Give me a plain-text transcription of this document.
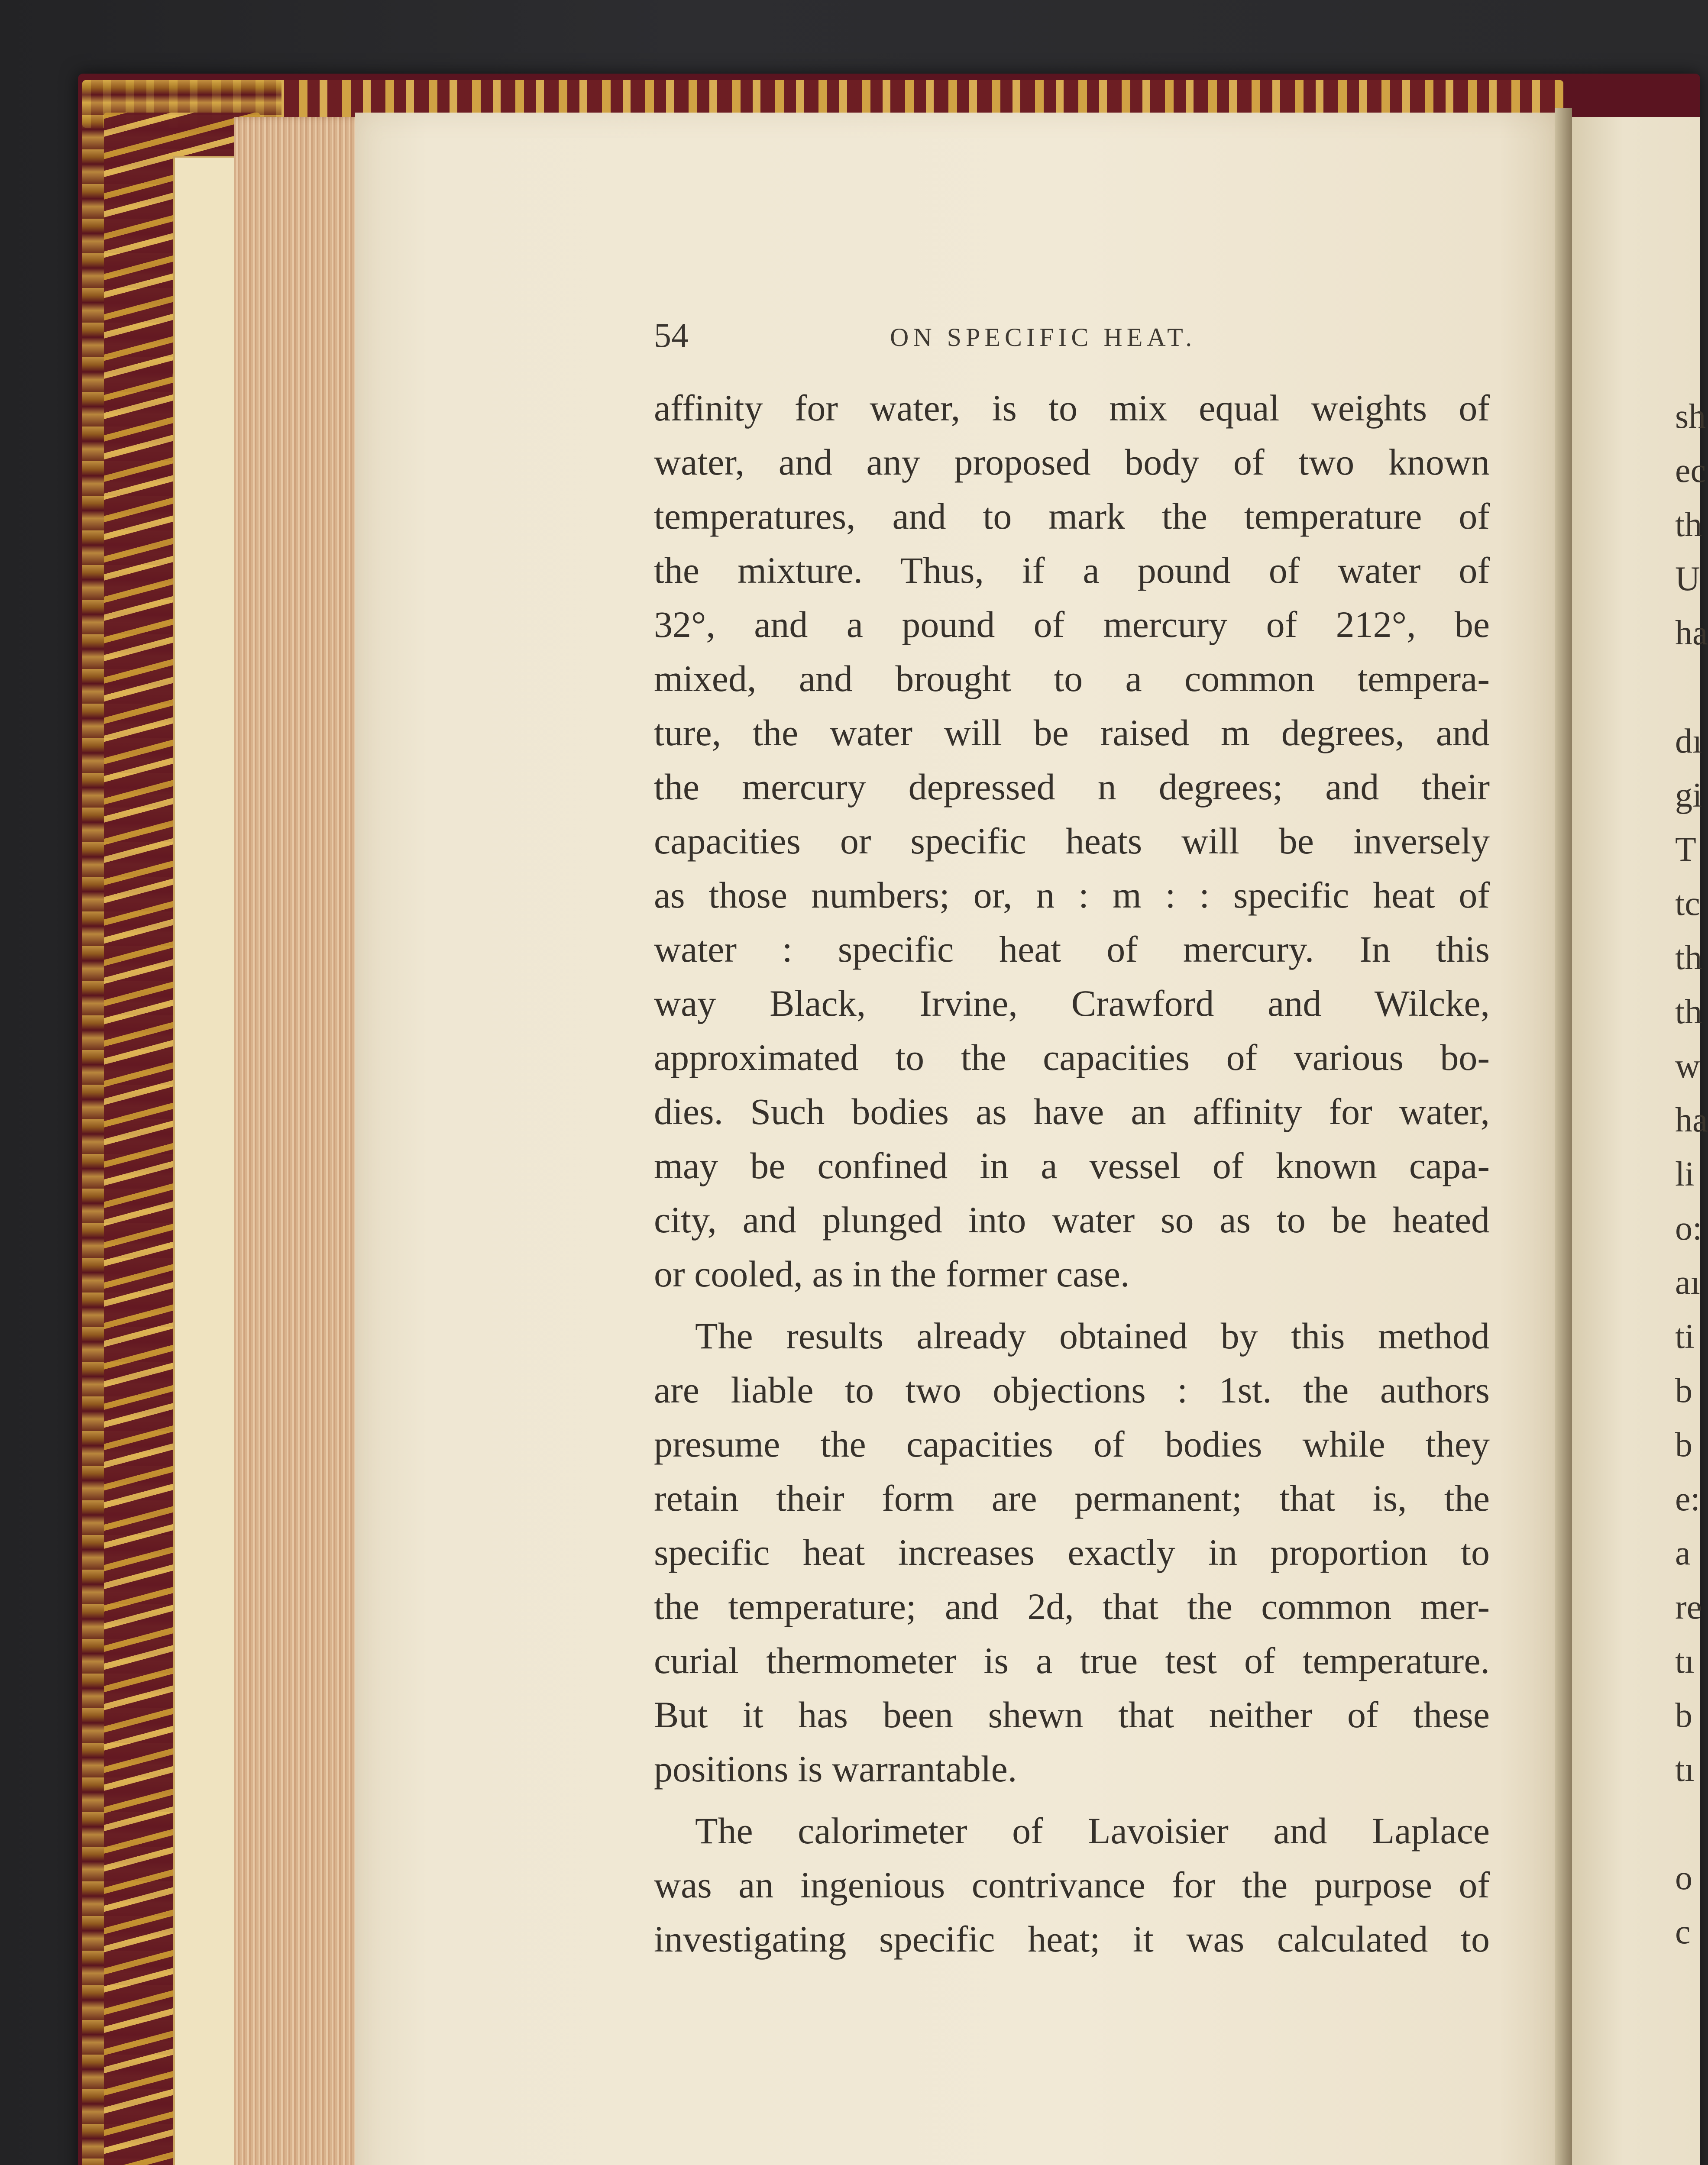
54	ON SPECIFIC HEAT.
affinity for water, is to mix equal weights of
water, and any proposed body of two known
temperatures, and to mark the temperature of
the mixture. Thus, if a pound of water of
32°, and a pound of mercury of 212°, be
mixed, and brought to a common tempera-
ture, the water will be raised m degrees, and
the mercury depressed n degrees; and their
capacities or specific heats will be inversely
as those numbers; or, n : m : : specific heat of
water : specific heat of mercury. In this
way Black, Irvine, Crawford and Wilcke,
approximated to the capacities of various bo-
dies. Such bodies as have an affinity for water,
may be confined in a vessel of known capa-
city, and plunged into water so as to be heated
or cooled, as in the former case.
The results already obtained by this method
are liable to two objections : 1st. the authors
presume the capacities of bodies while they
retain their form are permanent; that is, the
specific heat increases exactly in proportion to
the temperature; and 2d, that the common mer-
curial thermometer is a true test of temperature.
But it has been shewn that neither of these
positions is warrantable.
The calorimeter of Lavoisier and Laplace
was an ingenious contrivance for the purpose of
investigating specific heat; it was calculated to
sh
ec
th
U
ha
dı
gi
T
tc
th
th
w
ha
li
o:
aı
ti
b
b
e:
a
re
tı
b
tı
o
c
